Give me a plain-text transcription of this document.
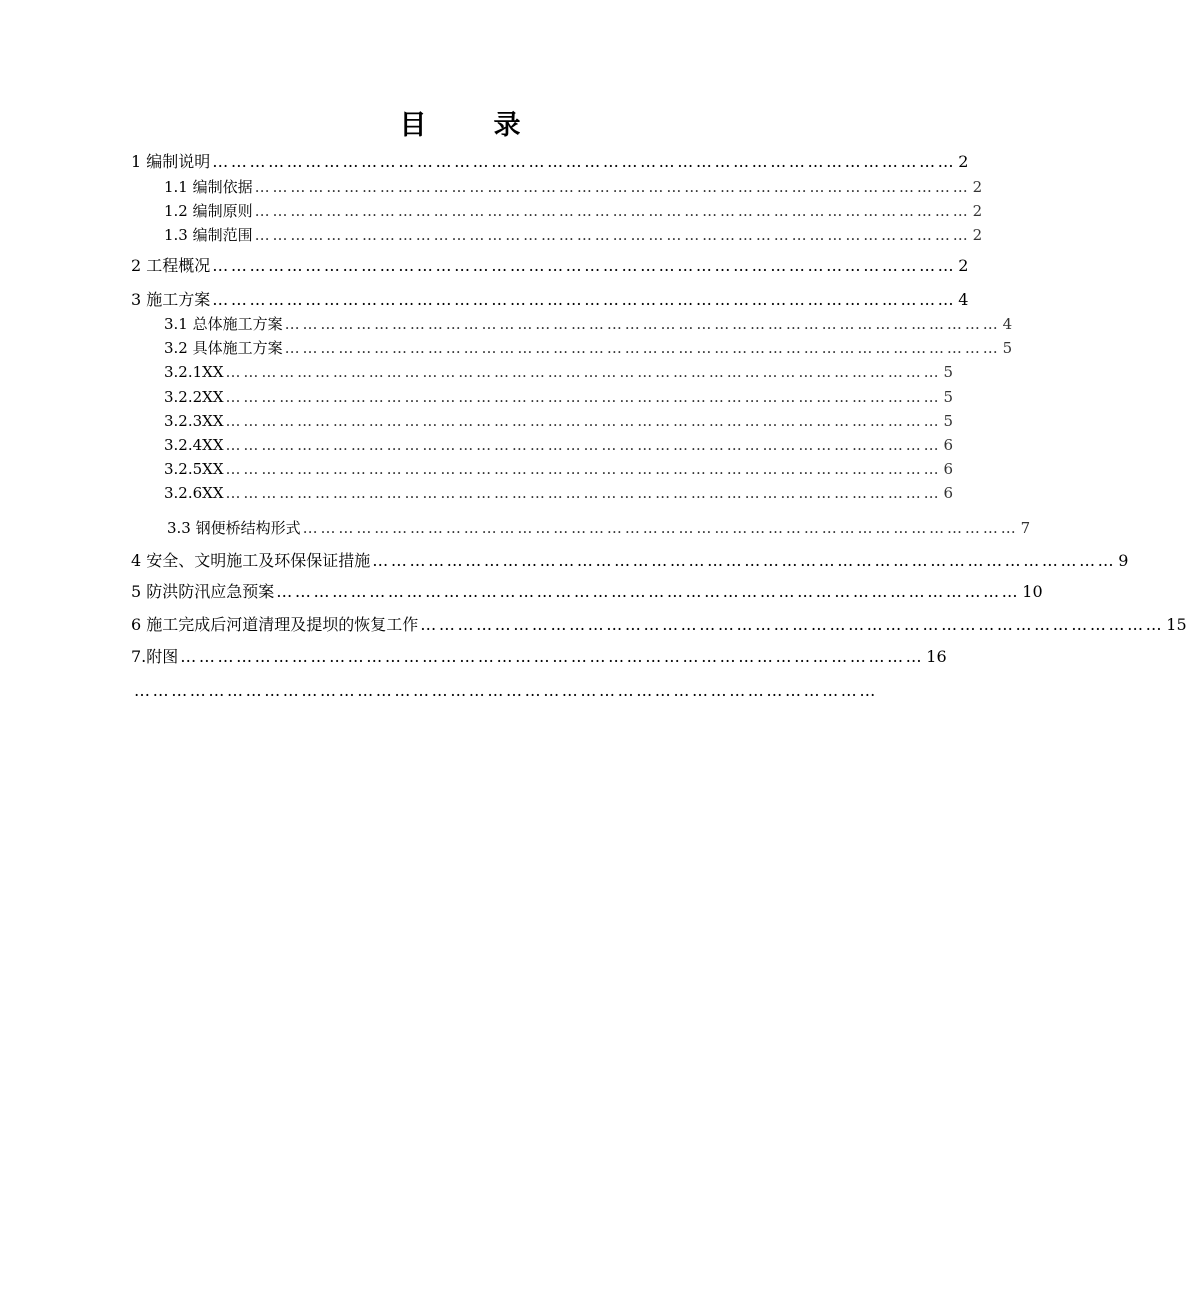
目　录
1 编制说明 ………………………………………………………………………………………………………… 2
1.1 编制依据 ………………………………………………………………………………………………………… 2
1.2 编制原则 ………………………………………………………………………………………………………… 2
1.3 编制范围 ………………………………………………………………………………………………………… 2
2 工程概况 ………………………………………………………………………………………………………… 2
3 施工方案 ………………………………………………………………………………………………………… 4
3.1 总体施工方案 ………………………………………………………………………………………………………… 4
3.2 具体施工方案 ………………………………………………………………………………………………………… 5
3.2.1XX ………………………………………………………………………………………………………… 5
3.2.2XX ………………………………………………………………………………………………………… 5
3.2.3XX ………………………………………………………………………………………………………… 5
3.2.4XX ………………………………………………………………………………………………………… 6
3.2.5XX ………………………………………………………………………………………………………… 6
3.2.6XX ………………………………………………………………………………………………………… 6
3.3 钢便桥结构形式 ………………………………………………………………………………………………………… 7
4 安全、文明施工及环保保证措施 ………………………………………………………………………………………………………… 9
5 防洪防汛应急预案 ………………………………………………………………………………………………………… 10
6 施工完成后河道清理及提坝的恢复工作 ………………………………………………………………………………………………………… 15
7.附图 ………………………………………………………………………………………………………… 16
…………………………………………………………………………………………………………
